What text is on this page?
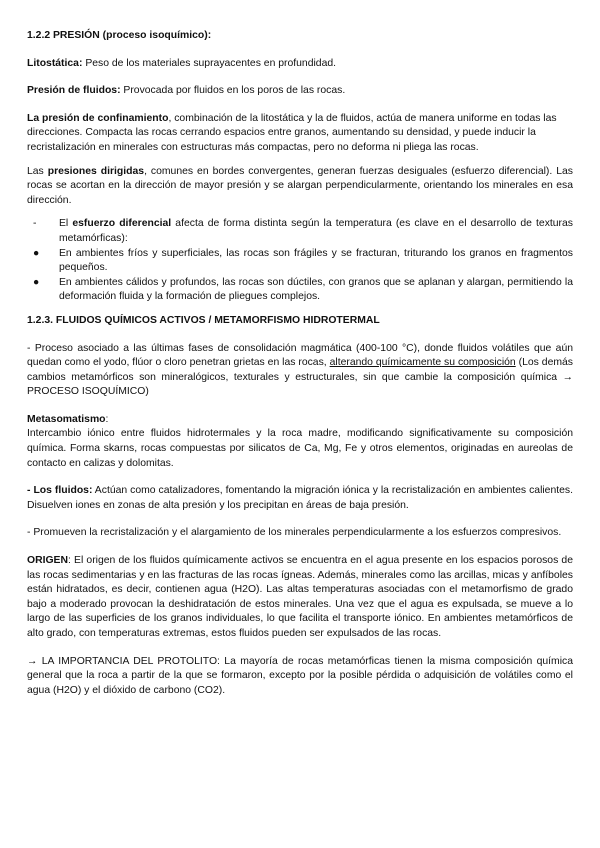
1.2.2 PRESIÓN (proceso isoquímico):

Litostática: Peso de los materiales suprayacentes en profundidad.

Presión de fluidos: Provocada por fluidos en los poros de las rocas.

La presión de confinamiento, combinación de la litostática y la de fluidos, actúa de manera uniforme en todas las direcciones. Compacta las rocas cerrando espacios entre granos, aumentando su densidad, y puede inducir la recristalización en minerales con estructuras más compactas, pero no deforma ni pliega las rocas.

Las presiones dirigidas, comunes en bordes convergentes, generan fuerzas desiguales (esfuerzo diferencial). Las rocas se acortan en la dirección de mayor presión y se alargan perpendicularmente, orientando los minerales en esa dirección.

-	El esfuerzo diferencial afecta de forma distinta según la temperatura (es clave en el desarrollo de texturas metamórficas):
●	En ambientes fríos y superficiales, las rocas son frágiles y se fracturan, triturando los granos en fragmentos pequeños.
●	En ambientes cálidos y profundos, las rocas son dúctiles, con granos que se aplanan y alargan, permitiendo la deformación fluida y la formación de pliegues complejos.

1.2.3. FLUIDOS QUÍMICOS ACTIVOS / METAMORFISMO HIDROTERMAL

- Proceso asociado a las últimas fases de consolidación magmática (400-100 °C), donde fluidos volátiles que aún quedan como el yodo, flúor o cloro penetran grietas en las rocas, alterando químicamente su composición (Los demás cambios metamórficos son mineralógicos, texturales y estructurales, sin que cambie la composición química → PROCESO ISOQUÍMICO)

Metasomatismo:

Intercambio iónico entre fluidos hidrotermales y la roca madre, modificando significativamente su composición química. Forma skarns, rocas compuestas por silicatos de Ca, Mg, Fe y otros elementos, originadas en aureolas de contacto en calizas y dolomitas.

- Los fluidos: Actúan como catalizadores, fomentando la migración iónica y la recristalización en ambientes calientes. Disuelven iones en zonas de alta presión y los precipitan en áreas de baja presión.

- Promueven la recristalización y el alargamiento de los minerales perpendicularmente a los esfuerzos compresivos.

ORIGEN: El origen de los fluidos químicamente activos se encuentra en el agua presente en los espacios porosos de las rocas sedimentarias y en las fracturas de las rocas ígneas. Además, minerales como las arcillas, micas y anfíboles están hidratados, es decir, contienen agua (H2O). Las altas temperaturas asociadas con el metamorfismo de grado bajo a moderado provocan la deshidratación de estos minerales. Una vez que el agua es expulsada, se mueve a lo largo de las superficies de los granos individuales, lo que facilita el transporte iónico. En ambientes metamórficos de alto grado, con temperaturas extremas, estos fluidos pueden ser expulsados de las rocas.

→ LA IMPORTANCIA DEL PROTOLITO: La mayoría de rocas metamórficas tienen la misma composición química general que la roca a partir de la que se formaron, excepto por la posible pérdida o adquisición de volátiles como el agua (H2O) y el dióxido de carbono (CO2).
